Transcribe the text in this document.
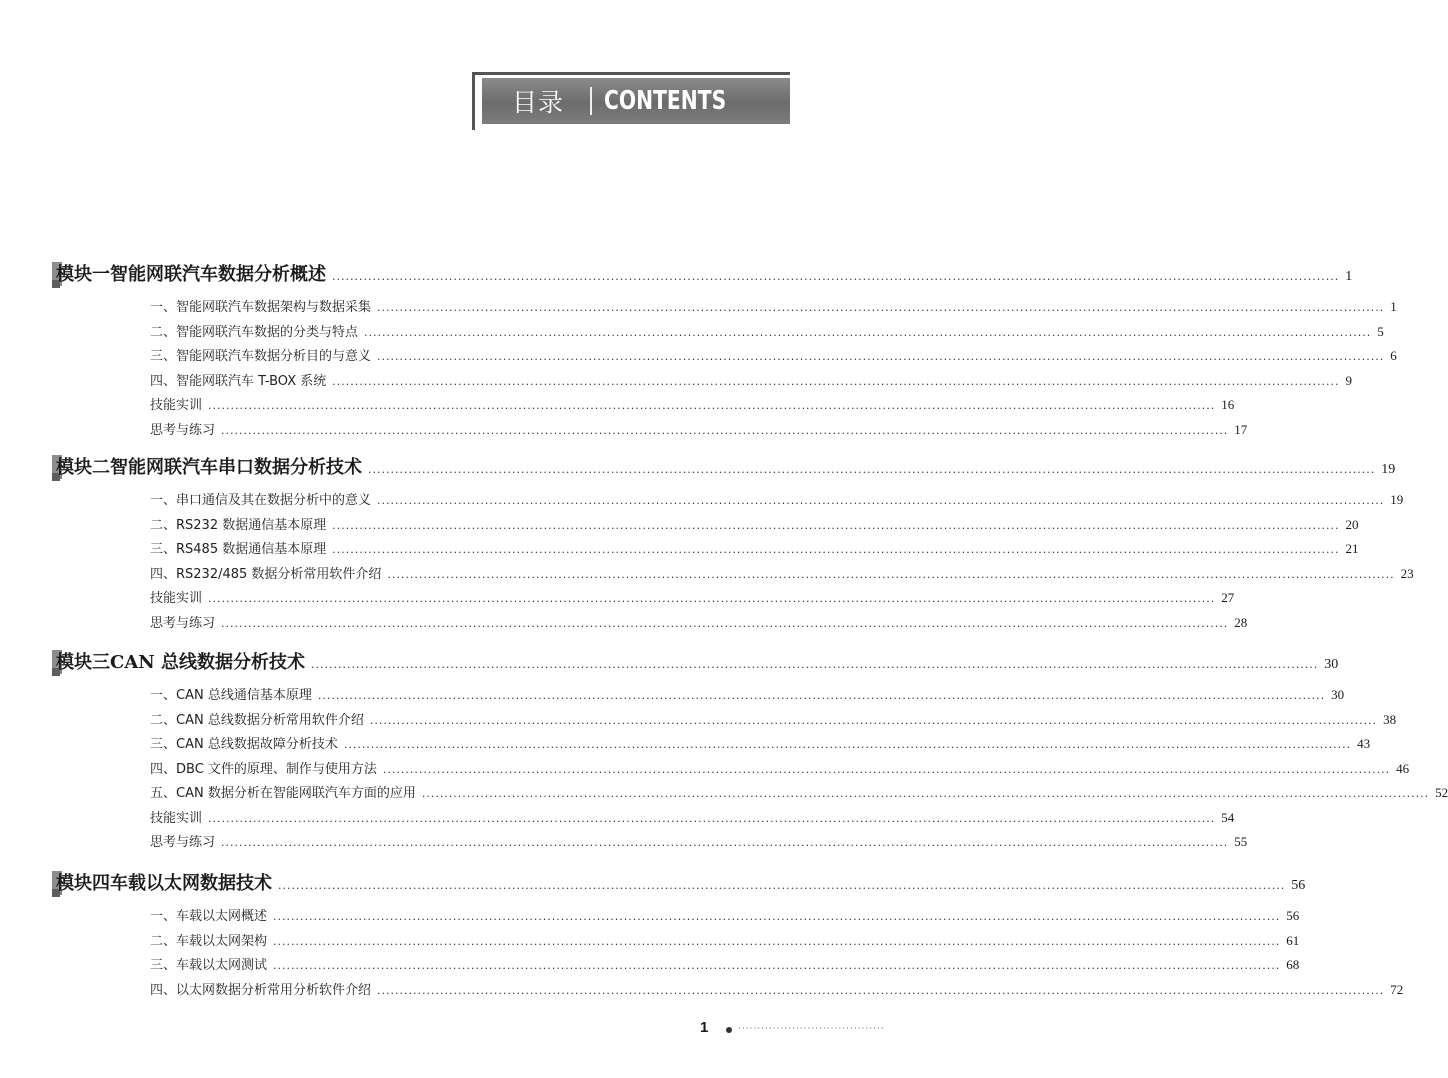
目录 CONTENTS
模块一 智能网联汽车数据分析概述 .....	1
一、智能网联汽车数据架构与数据采集 .....	1
二、智能网联汽车数据的分类与特点 .....	5
三、智能网联汽车数据分析目的与意义 .....	6
四、智能网联汽车 T-BOX 系统 .....	9
技能实训 .....	16
思考与练习 .....	17
模块二 智能网联汽车串口数据分析技术 .....	19
一、串口通信及其在数据分析中的意义 .....	19
二、RS232 数据通信基本原理 .....	20
三、RS485 数据通信基本原理 .....	21
四、RS232/485 数据分析常用软件介绍 .....	23
技能实训 .....	27
思考与练习 .....	28
模块三 CAN 总线数据分析技术 .....	30
一、CAN 总线通信基本原理 .....	30
二、CAN 总线数据分析常用软件介绍 .....	38
三、CAN 总线数据故障分析技术 .....	43
四、DBC 文件的原理、制作与使用方法 .....	46
五、CAN 数据分析在智能网联汽车方面的应用 .....	52
技能实训 .....	54
思考与练习 .....	55
模块四 车载以太网数据技术 .....	56
一、车载以太网概述 .....	56
二、车载以太网架构 .....	61
三、车载以太网测试 .....	68
四、以太网数据分析常用分析软件介绍 .....	72
1	······································
